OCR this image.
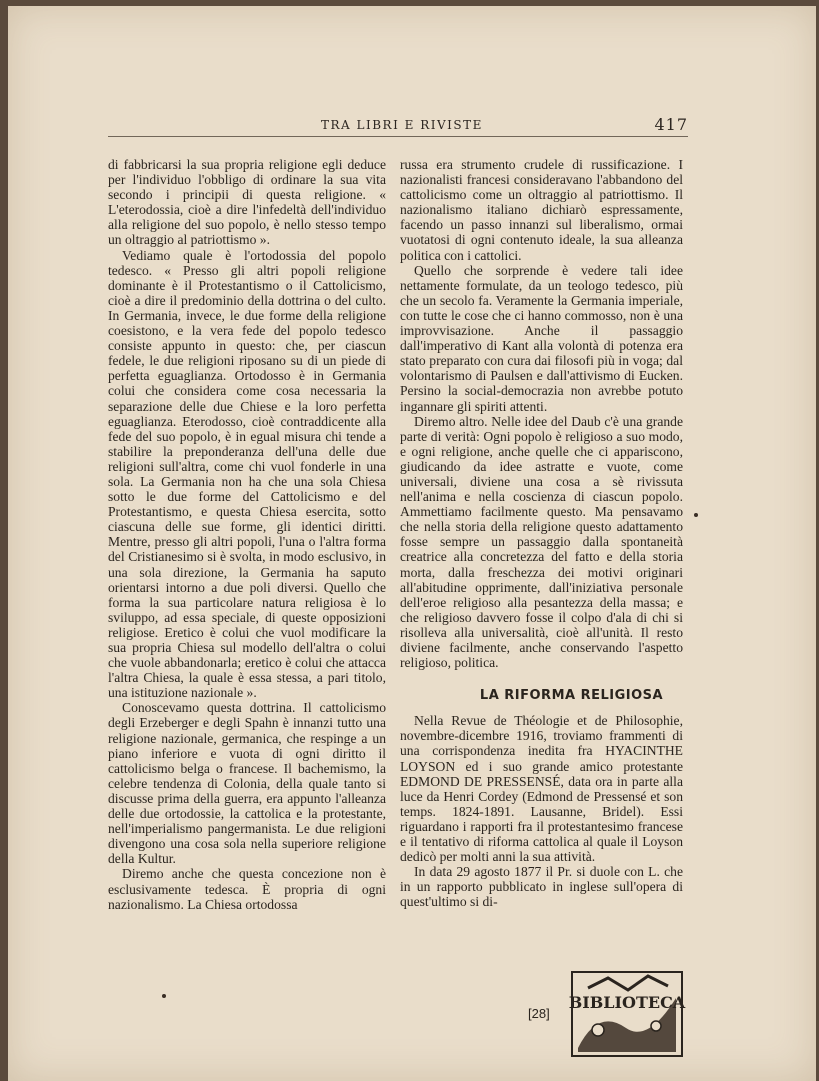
TRA LIBRI E RIVISTE	417

di fabbricarsi la sua propria religione egli deduce per l'individuo l'obbligo di ordinare la sua vita secondo i principii di questa religione. « L'eterodossia, cioè a dire l'infedeltà dell'individuo alla religione del suo popolo, è nello stesso tempo un oltraggio al patriottismo ».

Vediamo quale è l'ortodossia del popolo tedesco. « Presso gli altri popoli religione dominante è il Protestantismo o il Cattolicismo, cioè a dire il predominio della dottrina o del culto. In Germania, invece, le due forme della religione coesistono, e la vera fede del popolo tedesco consiste appunto in questo: che, per ciascun fedele, le due religioni riposano su di un piede di perfetta eguaglianza. Ortodosso è in Germania colui che considera come cosa necessaria la separazione delle due Chiese e la loro perfetta eguaglianza. Eterodosso, cioè contraddicente alla fede del suo popolo, è in egual misura chi tende a stabilire la preponderanza dell'una delle due religioni sull'altra, come chi vuol fonderle in una sola. La Germania non ha che una sola Chiesa sotto le due forme del Cattolicismo e del Protestantismo, e questa Chiesa esercita, sotto ciascuna delle sue forme, gli identici diritti. Mentre, presso gli altri popoli, l'una o l'altra forma del Cristianesimo si è svolta, in modo esclusivo, in una sola direzione, la Germania ha saputo orientarsi intorno a due poli diversi. Quello che forma la sua particolare natura religiosa è lo sviluppo, ad essa speciale, di queste opposizioni religiose. Eretico è colui che vuol modificare la sua propria Chiesa sul modello dell'altra o colui che vuole abbandonarla; eretico è colui che attacca l'altra Chiesa, la quale è essa stessa, a pari titolo, una istituzione nazionale ».

Conoscevamo questa dottrina. Il cattolicismo degli Erzeberger e degli Spahn è innanzi tutto una religione nazionale, germanica, che respinge a un piano inferiore e vuota di ogni diritto il cattolicismo belga o francese. Il bachemismo, la celebre tendenza di Colonia, della quale tanto si discusse prima della guerra, era appunto l'alleanza delle due ortodossie, la cattolica e la protestante, nell'imperialismo pangermanista. Le due religioni divengono una cosa sola nella superiore religione della Kultur.

Diremo anche che questa concezione non è esclusivamente tedesca. È propria di ogni nazionalismo. La Chiesa ortodossa

russa era strumento crudele di russificazione. I nazionalisti francesi consideravano l'abbandono del cattolicismo come un oltraggio al patriottismo. Il nazionalismo italiano dichiarò espressamente, facendo un passo innanzi sul liberalismo, ormai vuotatosi di ogni contenuto ideale, la sua alleanza politica con i cattolici.

Quello che sorprende è vedere tali idee nettamente formulate, da un teologo tedesco, più che un secolo fa. Veramente la Germania imperiale, con tutte le cose che ci hanno commosso, non è una improvvisazione. Anche il passaggio dall'imperativo di Kant alla volontà di potenza era stato preparato con cura dai filosofi più in voga; dal volontarismo di Paulsen e dall'attivismo di Eucken. Persino la social-democrazia non avrebbe potuto ingannare gli spiriti attenti.

Diremo altro. Nelle idee del Daub c'è una grande parte di verità: Ogni popolo è religioso a suo modo, e ogni religione, anche quelle che ci appariscono, giudicando da idee astratte e vuote, come universali, diviene una cosa a sè rivissuta nell'anima e nella coscienza di ciascun popolo. Ammettiamo facilmente questo. Ma pensavamo che nella storia della religione questo adattamento fosse sempre un passaggio dalla spontaneità creatrice alla concretezza del fatto e della storia morta, dalla freschezza dei motivi originari all'abitudine opprimente, dall'iniziativa personale dell'eroe religioso alla pesantezza della massa; e che religioso davvero fosse il colpo d'ala di chi si risolleva alla universalità, cioè all'unità. Il resto diviene facilmente, anche conservando l'aspetto religioso, politica.

LA RIFORMA RELIGIOSA

Nella Revue de Théologie et de Philosophie, novembre-dicembre 1916, troviamo frammenti di una corrispondenza inedita fra HYACINTHE LOYSON ed i suo grande amico protestante EDMOND DE PRESSENSÉ, data ora in parte alla luce da Henri Cordey (Edmond de Pressensé et son temps. 1824-1891. Lausanne, Bridel). Essi riguardano i rapporti fra il protestantesimo francese e il tentativo di riforma cattolica al quale il Loyson dedicò per molti anni la sua attività.

In data 29 agosto 1877 il Pr. si duole con L. che in un rapporto pubblicato in inglese sull'opera di quest'ultimo si di-

[28]
BIBLIOTECA
